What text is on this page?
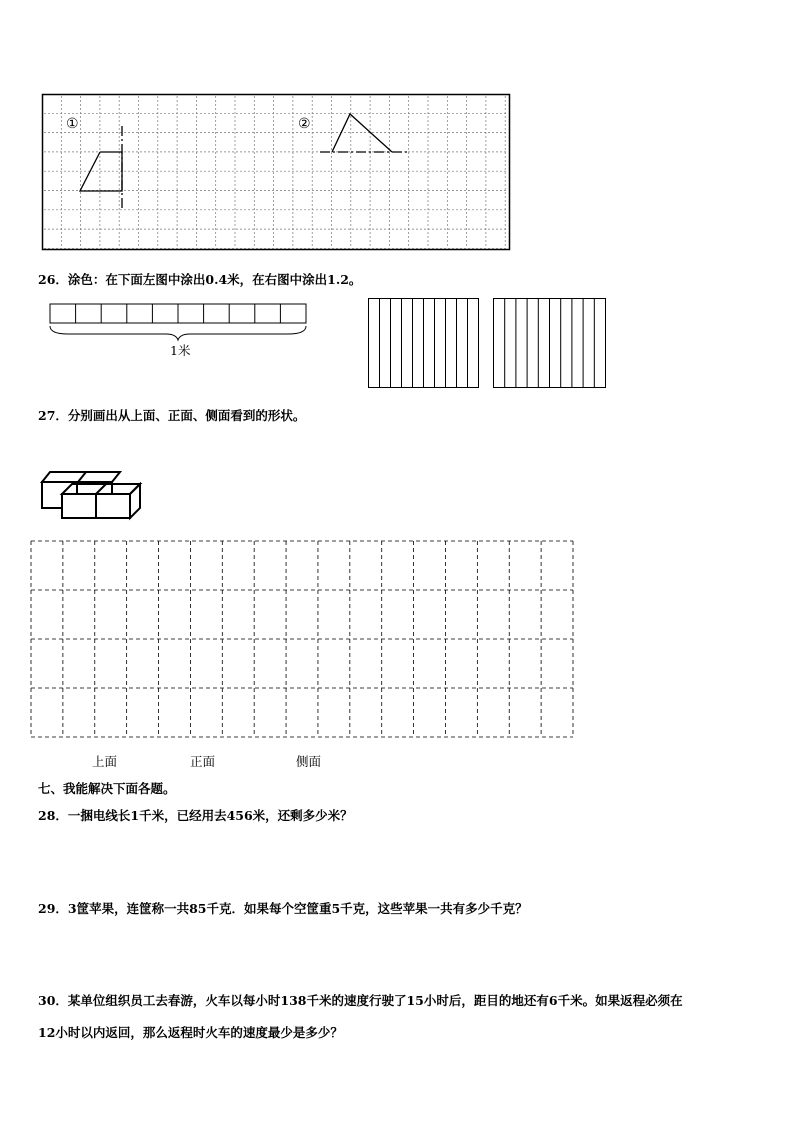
①	②
26．涂色：在下面左图中涂出0.4米，在右图中涂出1.2。
1米
27．分别画出从上面、正面、侧面看到的形状。
上面	正面	侧面
七、我能解决下面各题。
28．一捆电线长1千米，已经用去456米，还剩多少米？
29．3筐苹果，连筐称一共85千克．如果每个空筐重5千克，这些苹果一共有多少千克？
30．某单位组织员工去春游，火车以每小时138千米的速度行驶了15小时后，距目的地还有6千米。如果返程必须在
12小时以内返回，那么返程时火车的速度最少是多少？
